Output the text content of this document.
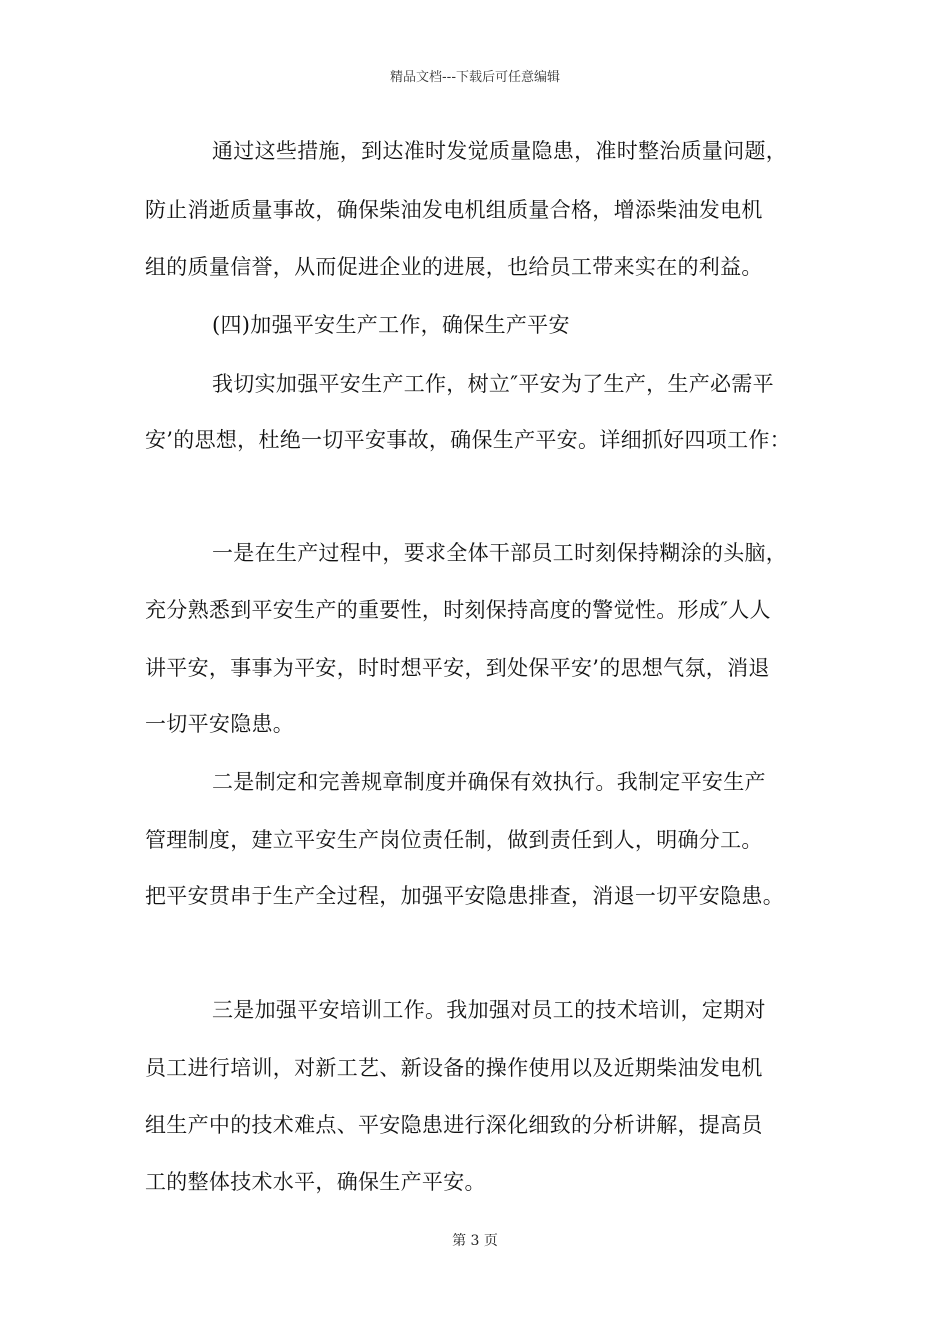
精品文档---下载后可任意编辑
通过这些措施，到达准时发觉质量隐患，准时整治质量问题，
防止消逝质量事故，确保柴油发电机组质量合格，增添柴油发电机
组的质量信誉，从而促进企业的进展，也给员工带来实在的利益。
(四)加强平安生产工作，确保生产平安
我切实加强平安生产工作，树立″平安为了生产，生产必需平
安’的思想，杜绝一切平安事故，确保生产平安。详细抓好四项工作：
一是在生产过程中，要求全体干部员工时刻保持糊涂的头脑，
充分熟悉到平安生产的重要性，时刻保持高度的警觉性。形成″人人
讲平安，事事为平安，时时想平安，到处保平安’的思想气氛，消退
一切平安隐患。
二是制定和完善规章制度并确保有效执行。我制定平安生产
管理制度，建立平安生产岗位责任制，做到责任到人，明确分工。
把平安贯串于生产全过程，加强平安隐患排查，消退一切平安隐患。
三是加强平安培训工作。我加强对员工的技术培训，定期对
员工进行培训，对新工艺、新设备的操作使用以及近期柴油发电机
组生产中的技术难点、平安隐患进行深化细致的分析讲解，提高员
工的整体技术水平，确保生产平安。
第 3 页
